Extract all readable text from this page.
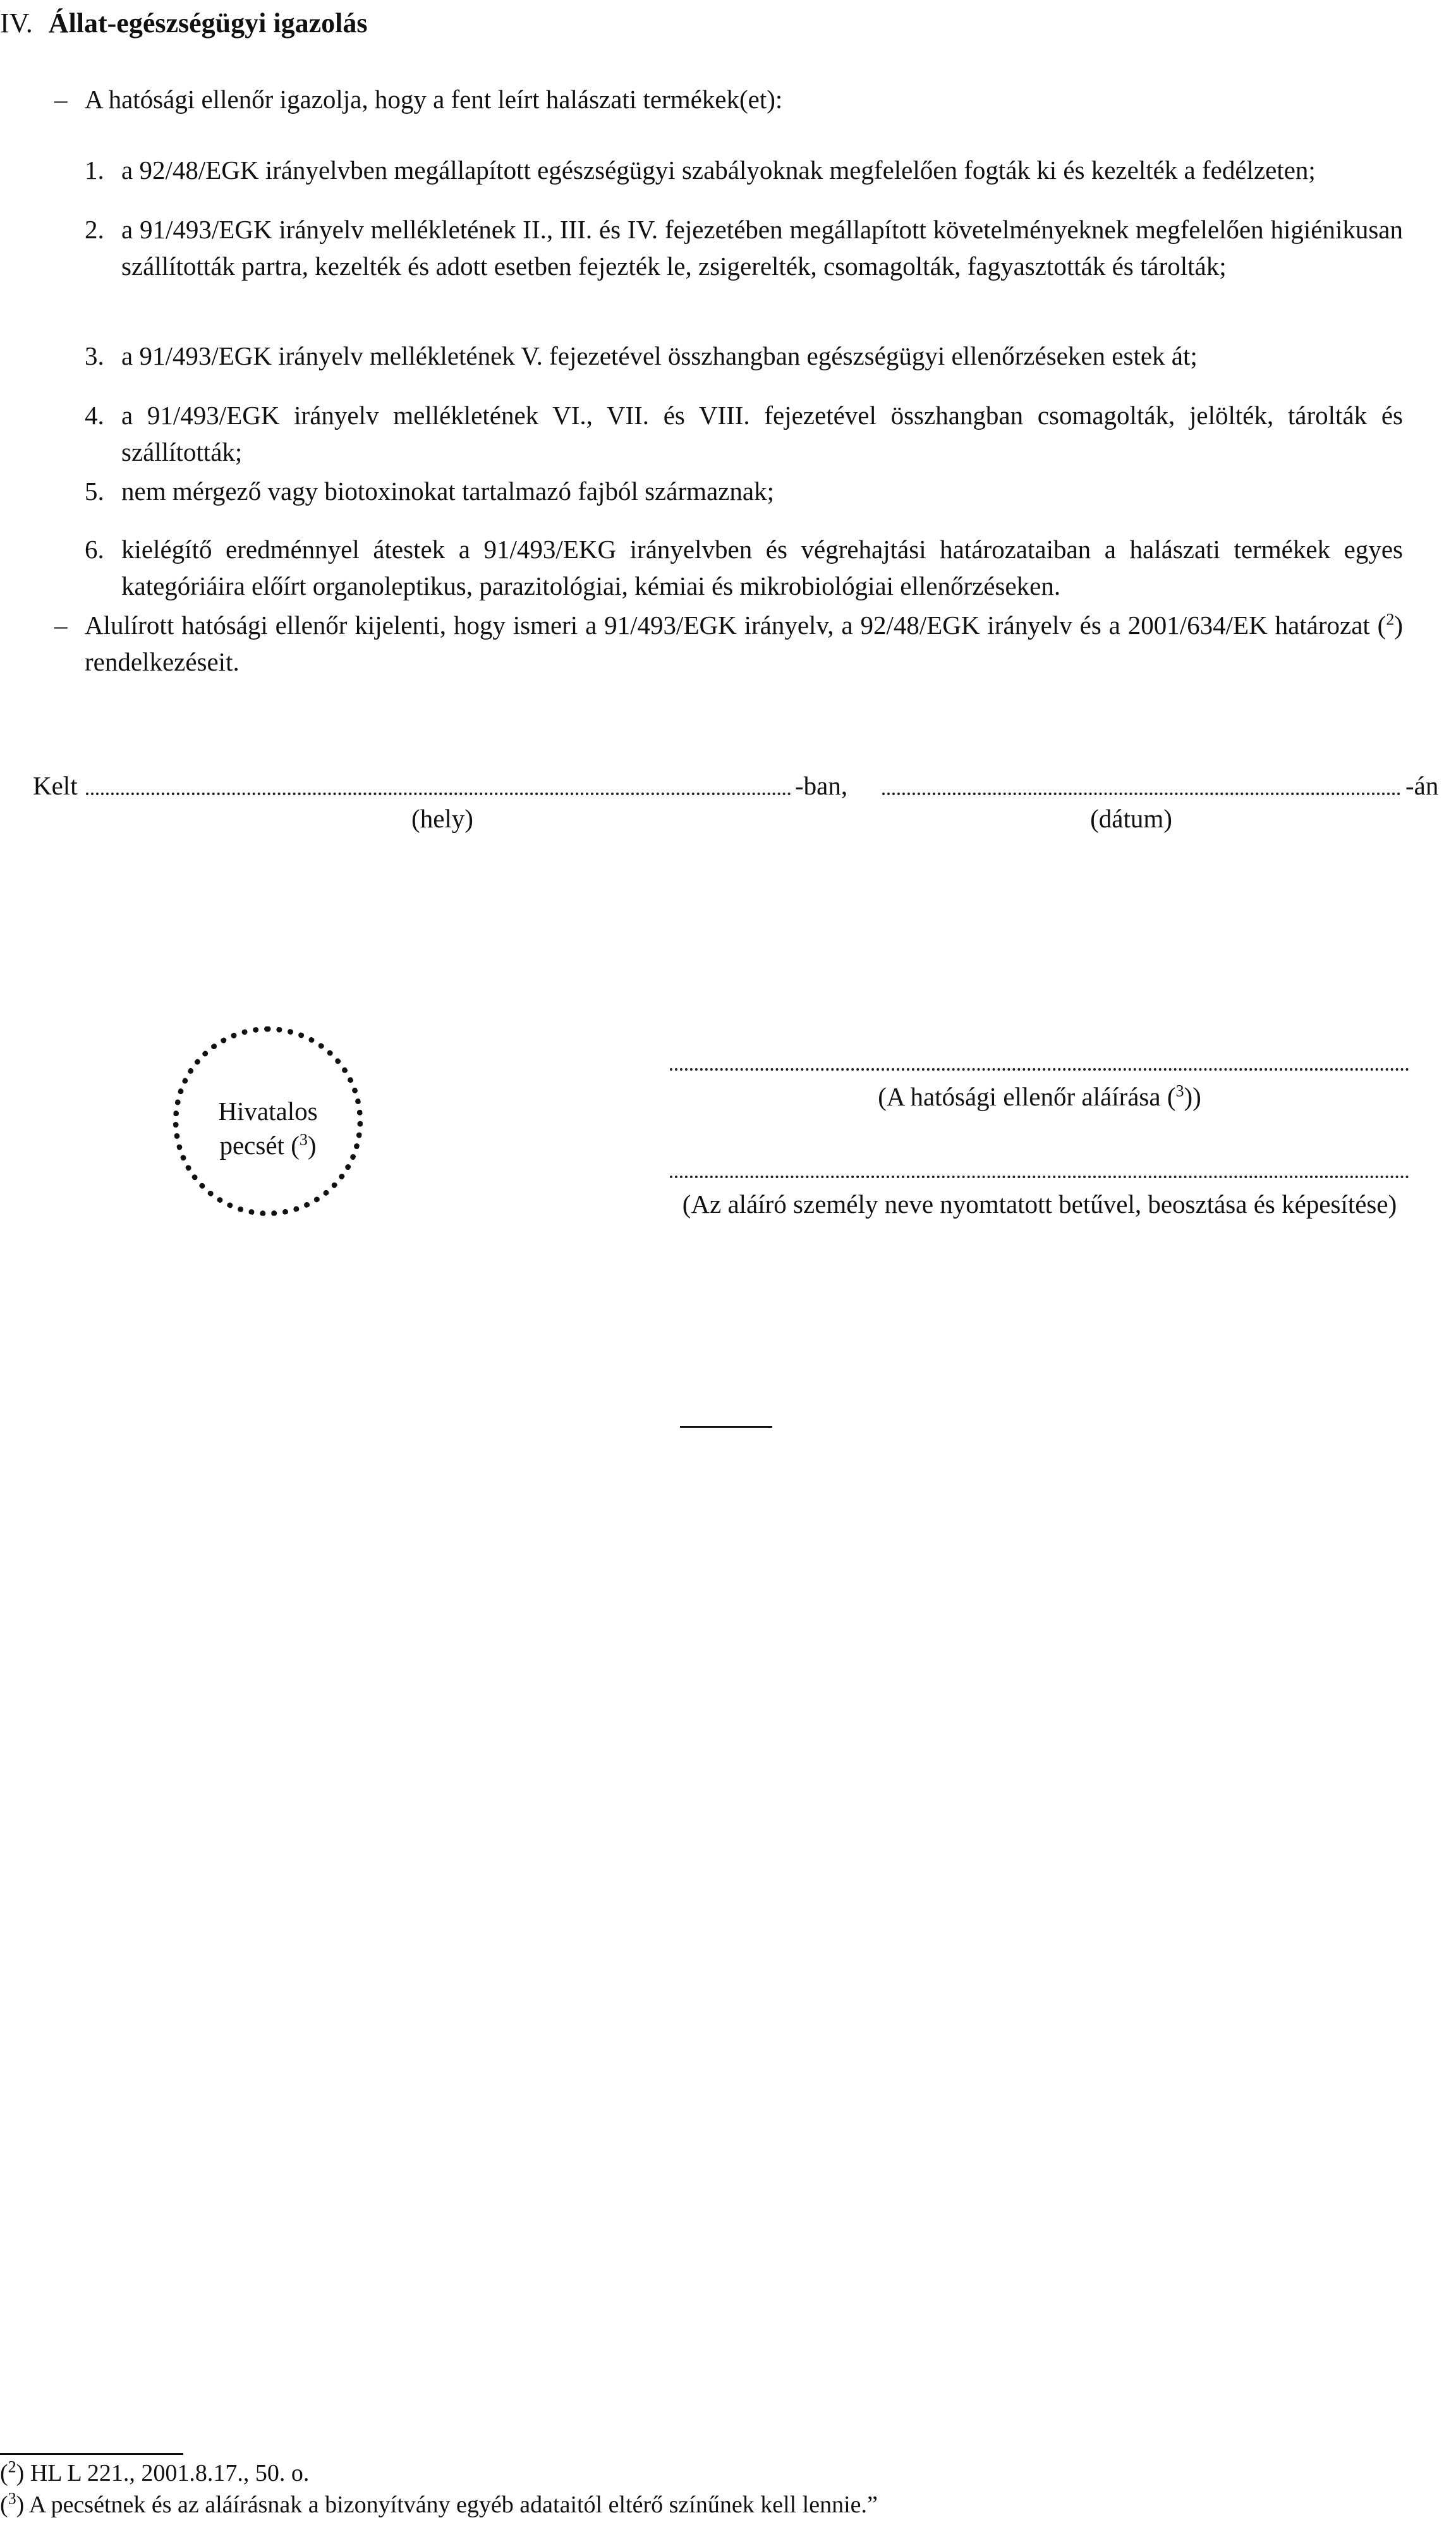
IV. Állat-egészségügyi igazolás
– A hatósági ellenőr igazolja, hogy a fent leírt halászati termékek(et):
1. a 92/48/EGK irányelvben megállapított egészségügyi szabályoknak megfelelően fogták ki és kezelték a fedélzeten;
2. a 91/493/EGK irányelv mellékletének II., III. és IV. fejezetében megállapított követelményeknek megfelelően higiénikusan szállították partra, kezelték és adott esetben fejezték le, zsigerelték, csomagolták, fagyasztották és tárolták;
3. a 91/493/EGK irányelv mellékletének V. fejezetével összhangban egészségügyi ellenőrzéseken estek át;
4. a 91/493/EGK irányelv mellékletének VI., VII. és VIII. fejezetével összhangban csomagolták, jelölték, tárolták és szállították;
5. nem mérgező vagy biotoxinokat tartalmazó fajból származnak;
6. kielégítő eredménnyel átestek a 91/493/EKG irányelvben és végrehajtási határozataiban a halászati termékek egyes kategóriáira előírt organoleptikus, parazitológiai, kémiai és mikrobiológiai ellenőrzéseken.
– Alulírott hatósági ellenőr kijelenti, hogy ismeri a 91/493/EGK irányelv, a 92/48/EGK irányelv és a 2001/634/EK határozat ($^2$) rendelkezéseit.
Kelt	-ban,	-án
(hely)	(dátum)
Hivatalos
pecsét ($^3$)
(A hatósági ellenőr aláírása ($^3$))
(Az aláíró személy neve nyomtatott betűvel, beosztása és képesítése)
($^2$) HL L 221., 2001.8.17., 50. o.
($^3$) A pecsétnek és az aláírásnak a bizonyítvány egyéb adataitól eltérő színűnek kell lennie.”
